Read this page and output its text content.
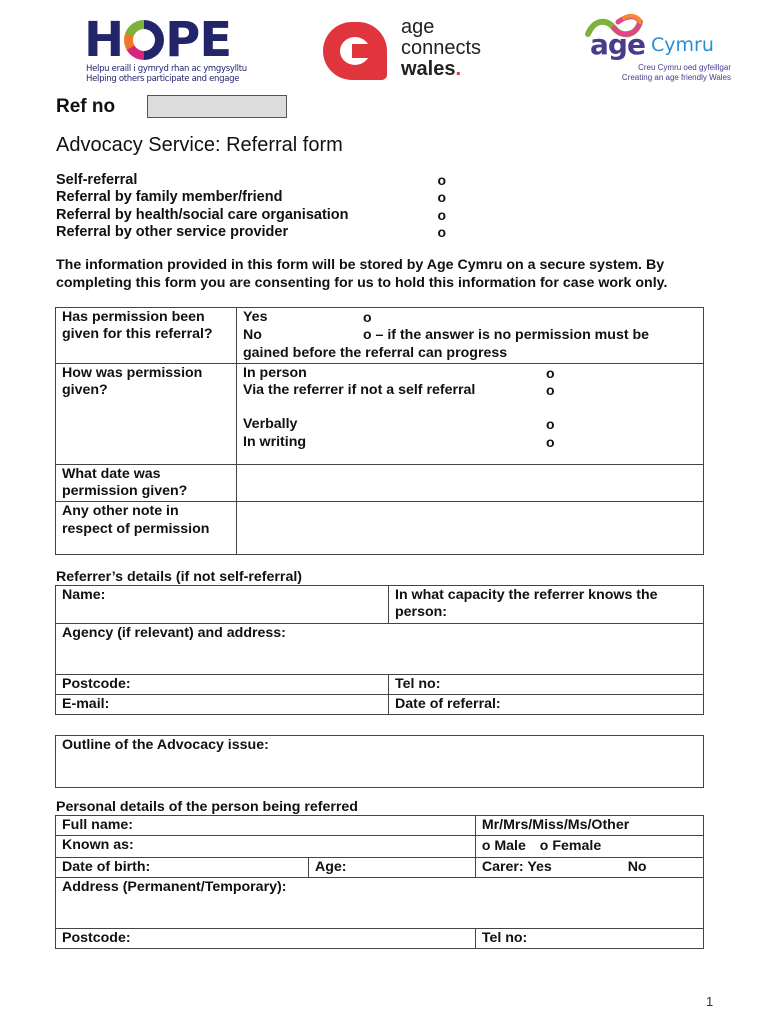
H P E
Helpu eraill i gymryd rhan ac ymgysylltu
Helping others participate and engage
age
connects
wales.
age Cymru
Creu Cymru oed gyfeillgar
Creating an age friendly Wales
Ref no
Advocacy Service: Referral form
Self-referral	o
Referral by family member/friend	o
Referral by health/social care organisation	o
Referral by other service provider	o
The information provided in this form will be stored by Age Cymru on a secure system. By completing this form you are consenting for us to hold this information for case work only.
Has permission been given for this referral?	Yes o
No o – if the answer is no permission must be gained before the referral can progress

How was permission given?	
In person	o
Via the referrer if not a self referral	o
Verbally	o
In writing	o

What date was permission given?	
Any other note in respect of permission	
Referrer’s details (if not self-referral)
Name:	In what capacity the referrer knows the person:
Agency (if relevant) and address:	
Postcode:	Tel no:
E-mail:	Date of referral:
Outline of the Advocacy issue:
Personal details of the person being referred
Full name:		Mr/Mrs/Miss/Ms/Other
Known as:		o Male o Female
Date of birth:	Age:	Carer: Yes No
Address (Permanent/Temporary):		
Postcode:		Tel no:
1
